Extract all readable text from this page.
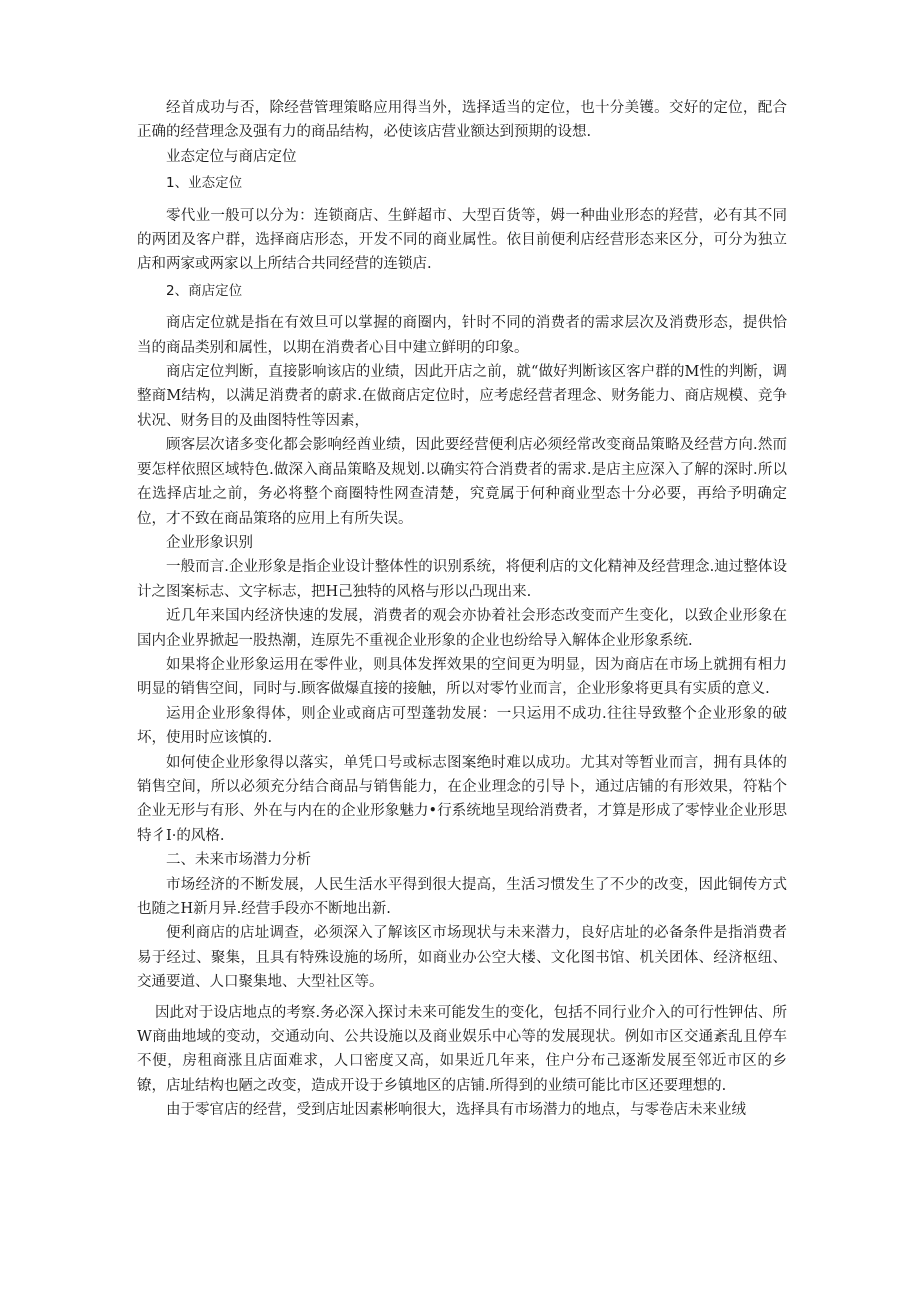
经首成功与否，除经营管理策略应用得当外，选择适当的定位，也十分美镬。交好的定位，配合正确的经营理念及强有力的商品结构，必使该店营业额达到预期的设想.

业态定位与商店定位

1、业态定位

零代业一般可以分为：连锁商店、生鲜超市、大型百货等，姆一种曲业形态的羟营，必有其不同的两团及客户群，选择商店形态，开发不同的商业属性。依目前便利店经营形态来区分，可分为独立店和两家或两家以上所结合共同经营的连锁店.

2、商店定位

商店定位就是指在有效旦可以掌握的商圈内，针时不同的消费者的需求层次及消费形态，提供恰当的商品类别和属性，以期在消费者心目中建立鲜明的印象。

商店定位判断，直接影响该店的业绩，因此开店之前，就“做好判断该区客户群的M性的判断，调整商M结构，以满足消费者的蔚求.在做商店定位时，应考虑经营者理念、财务能力、商店规模、竞争状况、财务目的及曲图特性等因素，

顾客层次诸多变化都会影响经酋业绩，因此要经营便利店必须经常改变商品策略及经营方向.然而要怎样依照区域特色.做深入商品策略及规划.以确实符合消费者的需求.是店主应深入了解的深时.所以在选择店址之前，务必将整个商圈特性网查清楚，究竟属于何种商业型态十分必要，再给予明确定位，才不致在商品策珞的应用上有所失误。

企业形象识别

一般而言.企业形象是指企业设计整体性的识别系统，将便利店的文化精神及经营理念.迪过整体设计之图案标志、文字标志，把H己独特的风格与形以凸现出来.

近几年来国内经济快速的发展，消费者的观会亦协着社会形态改变而产生变化，以致企业形象在国内企业界掀起一股热潮，连原先不重视企业形象的企业也纷给导入解体企业形象系统.

如果将企业形象运用在零件业，则具体发挥效果的空间更为明显，因为商店在市场上就拥有相力明显的销售空间，同时与.顾客做爆直接的接触，所以对零竹业而言，企业形象将更具有实质的意义.

运用企业形象得体，则企业或商店可型蓬勃发展：一只运用不成功.往往导致整个企业形象的破坏，使用时应该慎的.

如何使企业形象得以落实，单凭口号或标志图案绝时难以成功。尤其对等暂业而言，拥有具体的销售空间，所以必须充分结合商品与销售能力，在企业理念的引导卜，通过店铺的有形效果，符粘个企业无形与有形、外在与内在的企业形象魅力•行系统地呈现给消费者，才算是形成了零悖业企业形思特彳I·的风格.

二、未来市场潜力分析

市场经济的不断发展，人民生活水平得到很大提高，生活习惯发生了不少的改变，因此铜传方式也随之H新月异.经营手段亦不断地出新.

便利商店的店址调查，必须深入了解该区市场现状与未来潜力，良好店址的必备条件是指消费者易于经过、聚集，且具有特殊设施的场所，如商业办公空大楼、文化图书馆、机关团体、经济枢纽、交通要道、人口聚集地、大型社区等。

因此对于设店地点的考察.务必深入探讨未来可能发生的变化，包括不同行业介入的可行性钾估、所W商曲地域的变动，交通动向、公共设施以及商业娱乐中心等的发展现状。例如市区交通紊乱且停车不便，房租商涨且店面难求，人口密度又高，如果近几年来，住户分布己逐渐发展至邻近市区的乡镣，店址结构也陋之改变，造成开设于乡镇地区的店铺.所得到的业绩可能比市区还要理想的.

由于零官店的经营，受到店址因素彬响很大，选择具有市场潜力的地点，与零卷店未来业绒
